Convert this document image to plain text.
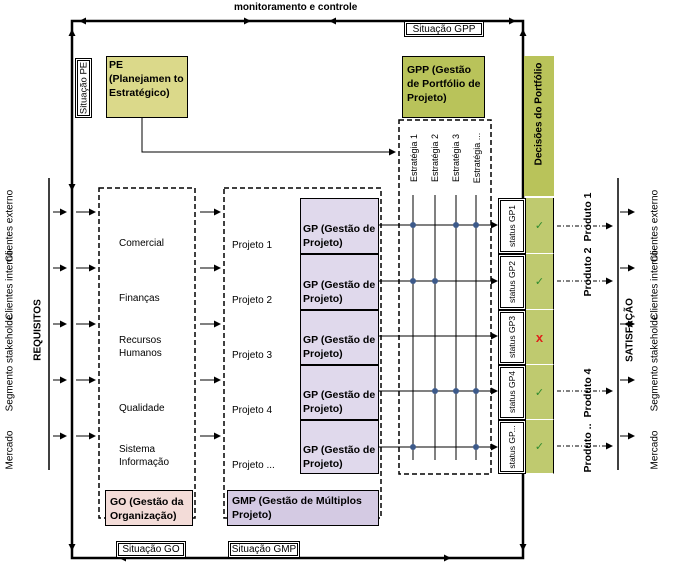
monitoramento e controle
Situação GPP
Situação PE PE (Planejamen to Estratégico)
GPP (Gestão de Portfólio de Projeto)	Decisões do Portfólio
Estratégia 1 Estratégia 2 Estratégia 3 Estratégia ...
Comercial
Finanças
Recursos Humanos
Qualidade
Sistema Informação
Projeto 1
Projeto 2
Projeto 3
Projeto 4
Projeto ...
GP (Gestão de Projeto)
GP (Gestão de Projeto)
GP (Gestão de Projeto)
GP (Gestão de Projeto)
GP (Gestão de Projeto)
status GP1
status GP2
status GP3
status GP4
status GP...
✓
✓
x
✓
✓
GO (Gestão da Organização)
GMP (Gestão de Múltiplos Projeto)
Situação GO	Situação GMP
Clientes externo
Clientes interno
Segmento stakeholde
Mercado
REQUISITOS
Produto 1
Produto 2
Produto 4
Produto ..
SATISFAÇÃO
Clientes externo
Clientes interno
Segmento stakeholde
Mercado
